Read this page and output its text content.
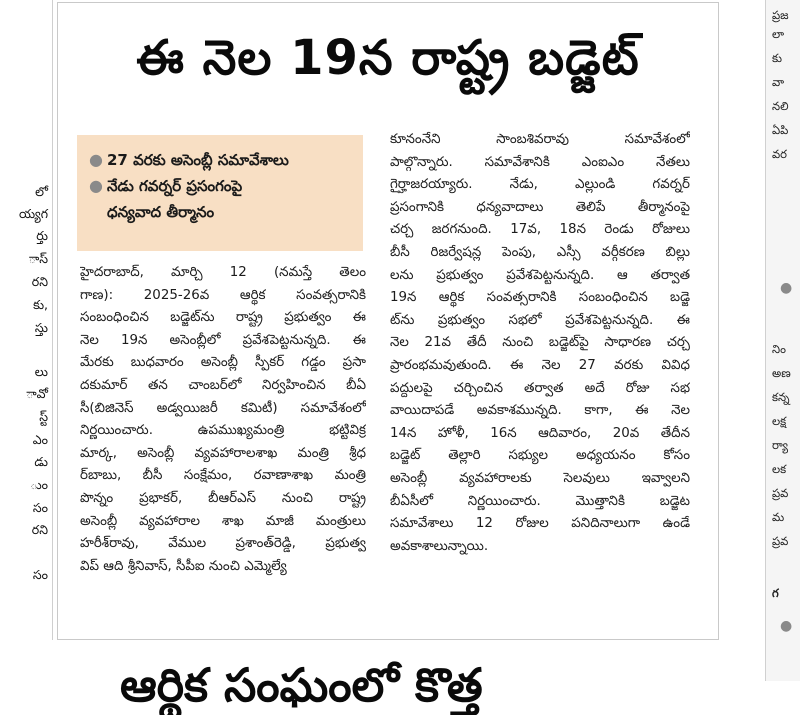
లో
య్యగ
ర్తు
ాస్‌
రని
కు,
స్తు
లు
ావో
స్ట్‌
ఎం
డు
ుం
సం
రని
సం
ఈ నెల 19న రాష్ట్ర బడ్జెట్
● 27 వరకు అసెంబ్లీ సమావేశాలు
● నేడు గవర్నర్‌ ప్రసంగంపై
ధన్యవాద తీర్మానం
హైదరాబాద్‌, మార్చి 12 (నమస్తే తెలం
గాణ): 2025-26వ ఆర్థిక సంవత్సరానికి
సంబంధించిన బడ్జెట్‌ను రాష్ట్ర ప్రభుత్వం ఈ
నెల 19న అసెంబ్లీలో ప్రవేశపెట్టనున్నది. ఈ
మేరకు బుధవారం అసెంబ్లీ స్పీకర్‌ గడ్డం ప్రసా
దకుమార్‌ తన చాంబర్‌లో నిర్వహించిన బీఏ
సీ(బిజినెస్‌ అడ్వయిజరీ కమిటీ) సమావేశంలో
నిర్ణయించారు. ఉపముఖ్యమంత్రి భట్టివిక్ర
మార్క, అసెంబ్లీ వ్యవహారాలశాఖ మంత్రి శ్రీధ
ర్‌బాబు, బీసీ సంక్షేమం, రవాణాశాఖ మంత్రి
పొన్నం ప్రభాకర్‌, బీఆర్‌ఎస్‌ నుంచి రాష్ట్ర
అసెంబ్లీ వ్యవహారాల శాఖ మాజీ మంత్రులు
హరీశ్‌రావు, వేముల ప్రశాంత్‌రెడ్డి, ప్రభుత్వ
విప్‌ ఆది శ్రీనివాస్‌, సీపీఐ నుంచి ఎమ్మెల్యే
కూనంనేని సాంబశివరావు సమావేశంలో
పాల్గొన్నారు. సమావేశానికి ఎంఐఎం నేతలు
గైర్హాజరయ్యారు. నేడు, ఎల్లుండి గవర్నర్‌
ప్రసంగానికి ధన్యవాదాలు తెలిపే తీర్మానంపై
చర్చ జరగనుంది. 17వ, 18న రెండు రోజులు
బీసీ రిజర్వేషన్ల పెంపు, ఎస్సీ వర్గీకరణ బిల్లు
లను ప్రభుత్వం ప్రవేశపెట్టనున్నది. ఆ తర్వాత
19న ఆర్థిక సంవత్సరానికి సంబంధించిన బడ్జె
ట్‌ను ప్రభుత్వం సభలో ప్రవేశపెట్టనున్నది. ఈ
నెల 21వ తేదీ నుంచి బడ్జెట్‌పై సాధారణ చర్చ
ప్రారంభమవుతుంది. ఈ నెల 27 వరకు వివిధ
పద్దులపై చర్చించిన తర్వాత అదే రోజు సభ
వాయిదాపడే అవకాశమున్నది. కాగా, ఈ నెల
14న హోళీ, 16న ఆదివారం, 20వ తేదీన
బడ్జెట్‌ తెల్లారి సభ్యుల అధ్యయనం కోసం
అసెంబ్లీ వ్యవహారాలకు సెలవులు ఇవ్వాలని
బీఏసీలో నిర్ణయించారు. మొత్తానికి బడ్జెట
సమావేశాలు 12 రోజుల పనిదినాలుగా ఉండే
అవకాశాలున్నాయి.
ప్రజ
లా
కు
వా
నలి
ఏపి
వర
●
నిం
అణ
కన్న
లక్ష
ర్యా
లక
ప్రవ
మ
ప్రవ
గ
●
ఆర్థిక సంఘంలో కొత్త
